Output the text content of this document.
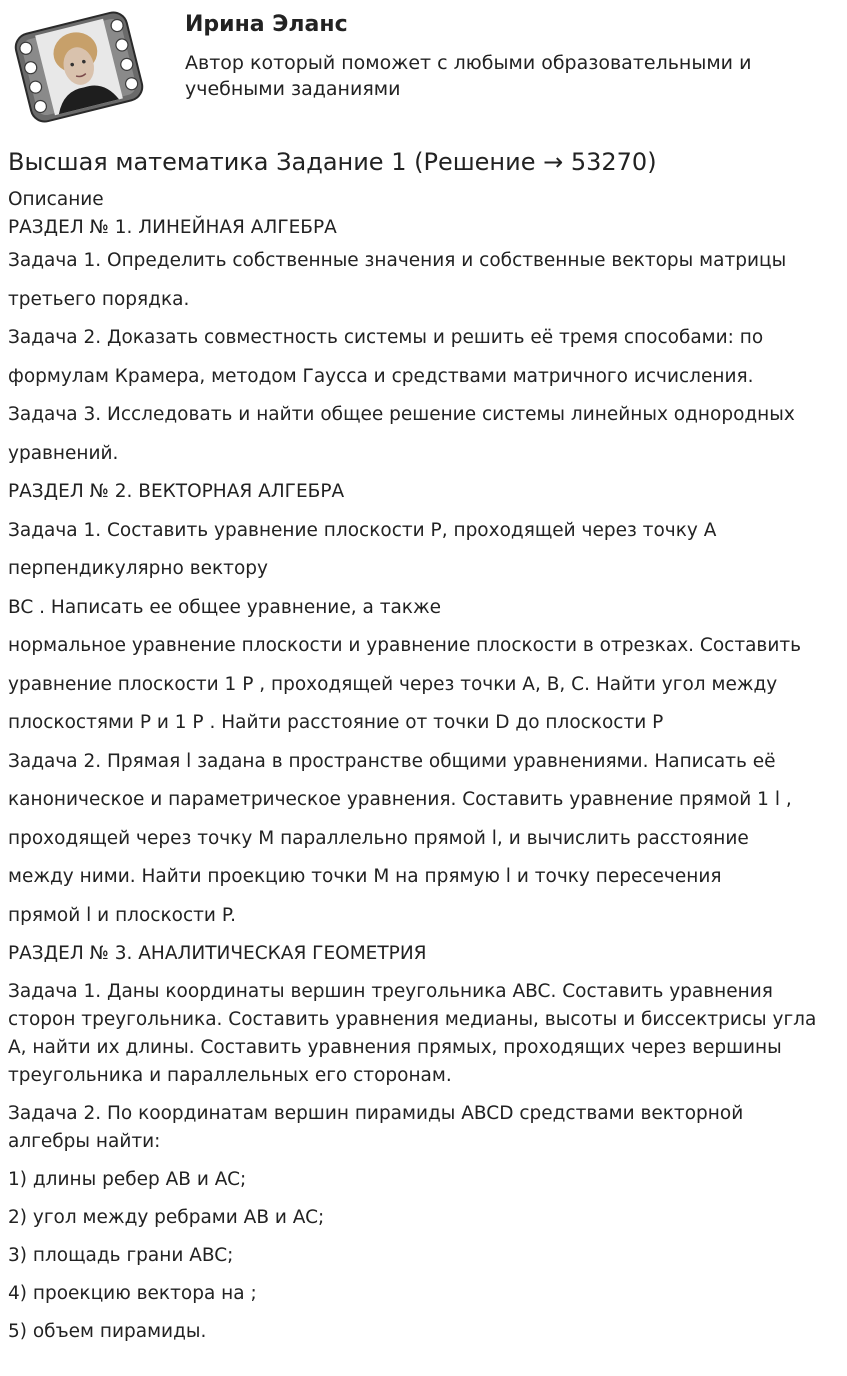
Ирина Эланс
Автор который поможет с любыми образовательными и учебными заданиями
Высшая математика Задание 1 (Решение → 53270)

Описание

РАЗДЕЛ № 1. ЛИНЕЙНАЯ АЛГЕБРА

Задача 1. Определить собственные значения и собственные векторы матрицы

третьего порядка.

Задача 2. Доказать совместность системы и решить её тремя способами: по

формулам Крамера, методом Гаусса и средствами матричного исчисления.

Задача 3. Исследовать и найти общее решение системы линейных однородных

уравнений.

РАЗДЕЛ № 2. ВЕКТОРНАЯ АЛГЕБРА

Задача 1. Составить уравнение плоскости P, проходящей через точку A

перпендикулярно вектору

BC . Написать ее общее уравнение, а также

нормальное уравнение плоскости и уравнение плоскости в отрезках. Составить

уравнение плоскости 1 P , проходящей через точки A, B, C. Найти угол между

плоскостями P и 1 P . Найти расстояние от точки D до плоскости P

Задача 2. Прямая l задана в пространстве общими уравнениями. Написать её

каноническое и параметрическое уравнения. Составить уравнение прямой 1 l ,

проходящей через точку M параллельно прямой l, и вычислить расстояние

между ними. Найти проекцию точки M на прямую l и точку пересечения

прямой l и плоскости P.

РАЗДЕЛ № 3. АНАЛИТИЧЕСКАЯ ГЕОМЕТРИЯ

Задача 1. Даны координаты вершин треугольника ABC. Составить уравнения

сторон треугольника. Составить уравнения медианы, высоты и биссектрисы угла

A, найти их длины. Составить уравнения прямых, проходящих через вершины

треугольника и параллельных его сторонам.

Задача 2. По координатам вершин пирамиды ABCD средствами векторной

алгебры найти:

1) длины ребер AB и AC;

2) угол между ребрами AB и AC;

3) площадь грани ABC;

4) проекцию вектора на ;

5) объем пирамиды.
